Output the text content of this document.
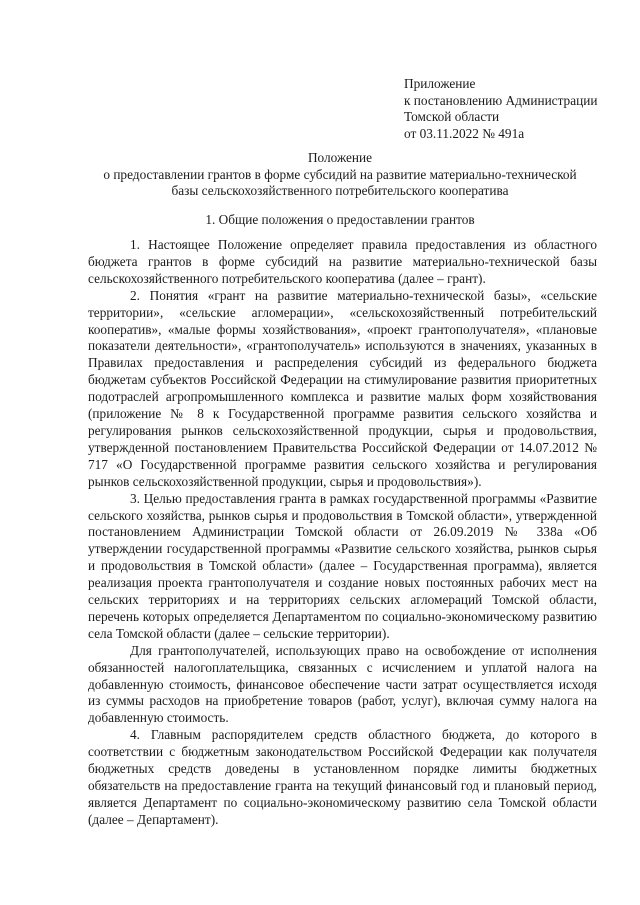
Приложение
к постановлению Администрации
Томской области
от 03.11.2022 № 491а
Положение
о предоставлении грантов в форме субсидий на развитие материально-технической
базы сельскохозяйственного потребительского кооператива
1. Общие положения о предоставлении грантов

1. Настоящее Положение определяет правила предоставления из областного бюджета грантов в форме субсидий на развитие материально-технической базы сельскохозяйственного потребительского кооператива (далее – грант).

2. Понятия «грант на развитие материально-технической базы», «сельские территории», «сельские агломерации», «сельскохозяйственный потребительский кооператив», «малые формы хозяйствования», «проект грантополучателя», «плановые показатели деятельности», «грантополучатель» используются в значениях, указанных в Правилах предоставления и распределения субсидий из федерального бюджета бюджетам субъектов Российской Федерации на стимулирование развития приоритетных подотраслей агропромышленного комплекса и развитие малых форм хозяйствования (приложение № 8 к Государственной программе развития сельского хозяйства и регулирования рынков сельскохозяйственной продукции, сырья и продовольствия, утвержденной постановлением Правительства Российской Федерации от 14.07.2012 № 717 «О Государственной программе развития сельского хозяйства и регулирования рынков сельскохозяйственной продукции, сырья и продовольствия»).

3. Целью предоставления гранта в рамках государственной программы «Развитие сельского хозяйства, рынков сырья и продовольствия в Томской области», утвержденной постановлением Администрации Томской области от 26.09.2019 № 338а «Об утверждении государственной программы «Развитие сельского хозяйства, рынков сырья и продовольствия в Томской области» (далее – Государственная программа), является реализация проекта грантополучателя и создание новых постоянных рабочих мест на сельских территориях и на территориях сельских агломераций Томской области, перечень которых определяется Департаментом по социально-экономическому развитию села Томской области (далее – сельские территории).

Для грантополучателей, использующих право на освобождение от исполнения обязанностей налогоплательщика, связанных с исчислением и уплатой налога на добавленную стоимость, финансовое обеспечение части затрат осуществляется исходя из суммы расходов на приобретение товаров (работ, услуг), включая сумму налога на добавленную стоимость.

4. Главным распорядителем средств областного бюджета, до которого в соответствии с бюджетным законодательством Российской Федерации как получателя бюджетных средств доведены в установленном порядке лимиты бюджетных обязательств на предоставление гранта на текущий финансовый год и плановый период, является Департамент по социально-экономическому развитию села Томской области (далее – Департамент).
